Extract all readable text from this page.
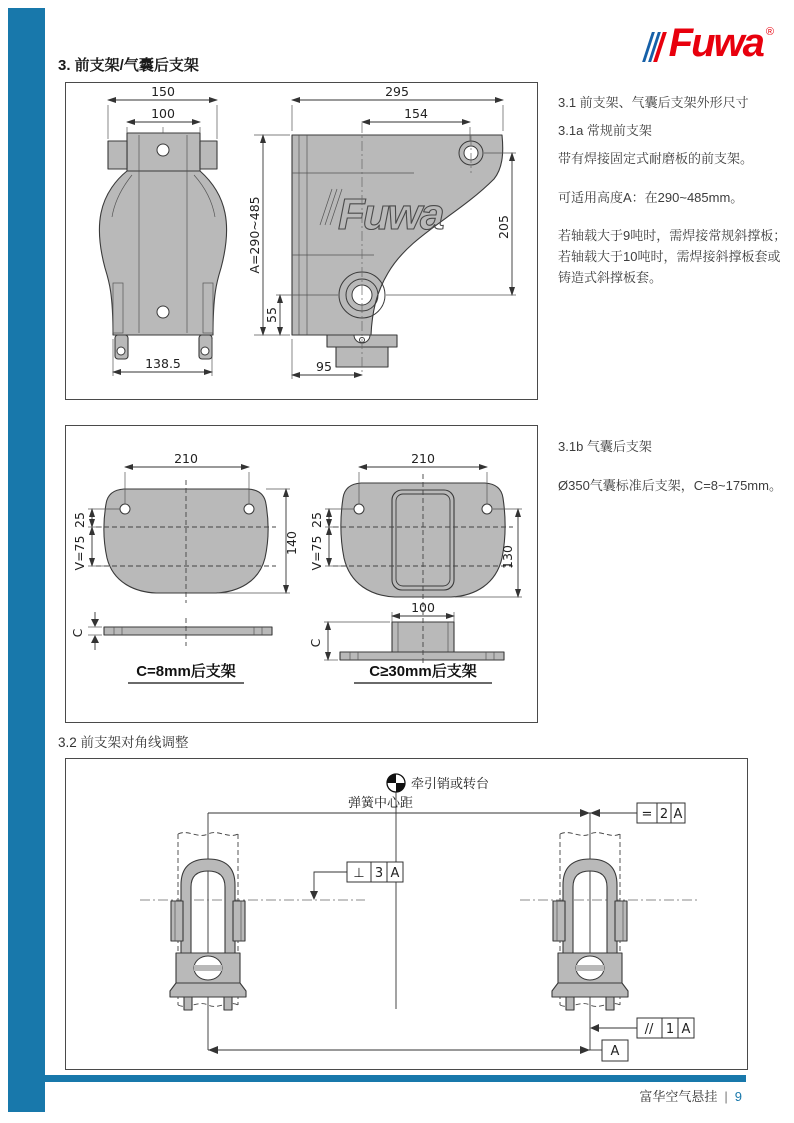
Fuwa ®
3. 前支架/气囊后支架
150
100
138.5
Fuwa
295
154
A=290~485
55
205
95

3.1 前支架、气囊后支架外形尺寸

3.1a 常规前支架

带有焊接固定式耐磨板的前支架。

可适用高度A：在290~485mm。

若轴载大于9吨时，需焊接常规斜撑板；

若轴载大于10吨时，需焊接斜撑板套或

铸造式斜撑板套。

210
25
V=75	140
C
C=8mm后支架
210
25
V=75	130
100
C
C≥30mm后支架

3.1b 气囊后支架

Ø350气囊标准后支架，C=8~175mm。

3.2 前支架对角线调整
牵引销或转台
弹簧中心距
= 2 A
⊥ 3 A
// 1 A
A
富华空气悬挂 | 9
